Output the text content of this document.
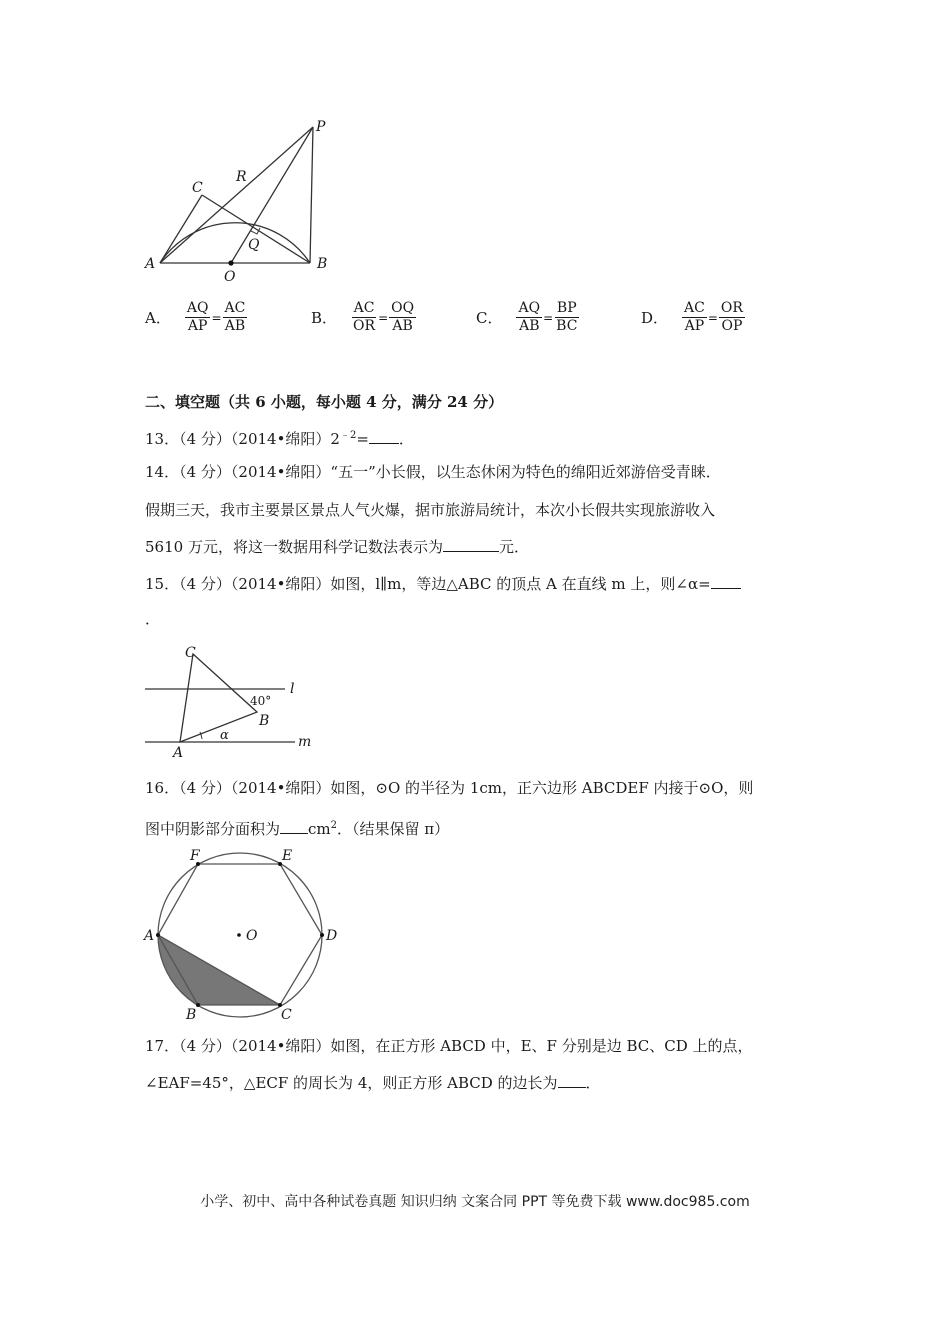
P
C
R
Q
A
O
B
A． $\frac{AQ}{AP} = \frac{AC}{AB}$	B． $\frac{AC}{OR} = \frac{OQ}{AB}$	C． $\frac{AQ}{AB} = \frac{BP}{BC}$	D． $\frac{AC}{AP} = \frac{OR}{OP}$
二、填空题（共 6 小题，每小题 4 分，满分 24 分）
13．（4 分）（2014•绵阳）$2^{﹣2}=$ ．
14．（4 分）（2014•绵阳）“五一”小长假，以生态休闲为特色的绵阳近郊游倍受青睐．
假期三天，我市主要景区景点人气火爆，据市旅游局统计，本次小长假共实现旅游收入
5610 万元，将这一数据用科学记数法表示为	元．
15．（4 分）（2014•绵阳）如图，l∥m，等边△ABC 的顶点 A 在直线 m 上，则∠α=
．
C
l
40°
B
A
α	m
16．（4 分）（2014•绵阳）如图，⊙O 的半径为 1cm，正六边形 ABCDEF 内接于⊙O，则
图中阴影部分面积为 $cm^2$．（结果保留 π）
F	E
A	O	D
B	C
17．（4 分）（2014•绵阳）如图，在正方形 ABCD 中，E、F 分别是边 BC、CD 上的点，
∠EAF=45°，△ECF 的周长为 4，则正方形 ABCD 的边长为 ．
小学、初中、高中各种试卷真题 知识归纳 文案合同 PPT 等免费下载 www.doc985.com
